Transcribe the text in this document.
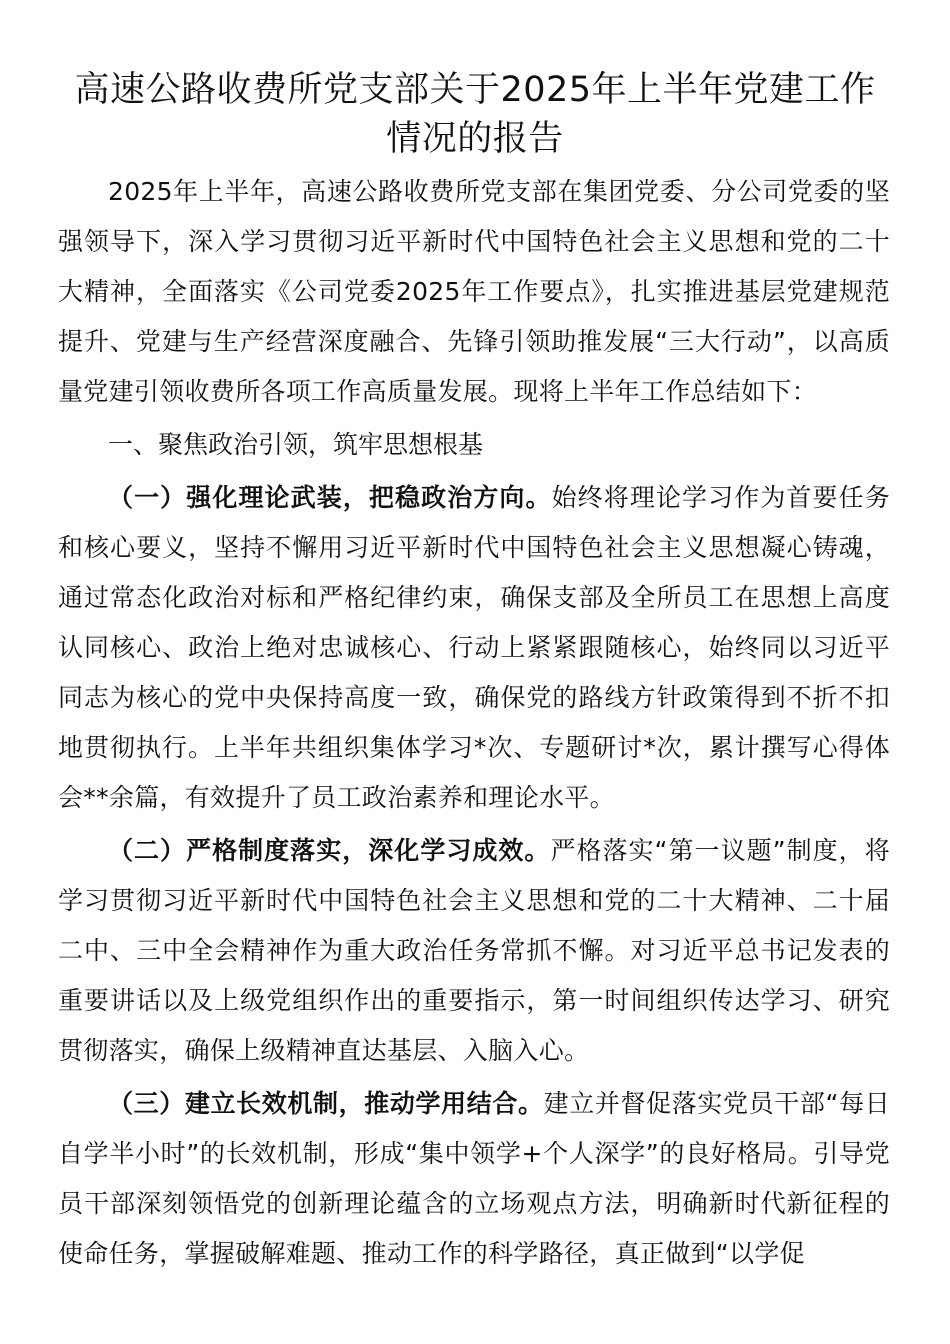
高速公路收费所党支部关于2025年上半年党建工作情况的报告

2025年上半年，高速公路收费所党支部在集团党委、分公司党委的坚强领导下，深入学习贯彻习近平新时代中国特色社会主义思想和党的二十大精神，全面落实《公司党委2025年工作要点》，扎实推进基层党建规范提升、党建与生产经营深度融合、先锋引领助推发展“三大行动”，以高质量党建引领收费所各项工作高质量发展。现将上半年工作总结如下：

一、聚焦政治引领，筑牢思想根基

（一）强化理论武装，把稳政治方向。始终将理论学习作为首要任务和核心要义，坚持不懈用习近平新时代中国特色社会主义思想凝心铸魂，通过常态化政治对标和严格纪律约束，确保支部及全所员工在思想上高度认同核心、政治上绝对忠诚核心、行动上紧紧跟随核心，始终同以习近平同志为核心的党中央保持高度一致，确保党的路线方针政策得到不折不扣地贯彻执行。上半年共组织集体学习*次、专题研讨*次，累计撰写心得体会**余篇，有效提升了员工政治素养和理论水平。

（二）严格制度落实，深化学习成效。严格落实“第一议题”制度，将学习贯彻习近平新时代中国特色社会主义思想和党的二十大精神、二十届二中、三中全会精神作为重大政治任务常抓不懈。对习近平总书记发表的重要讲话以及上级党组织作出的重要指示，第一时间组织传达学习、研究贯彻落实，确保上级精神直达基层、入脑入心。

（三）建立长效机制，推动学用结合。建立并督促落实党员干部“每日自学半小时”的长效机制，形成“集中领学+个人深学”的良好格局。引导党员干部深刻领悟党的创新理论蕴含的立场观点方法，明确新时代新征程的使命任务，掌握破解难题、推动工作的科学路径，真正做到“以学促
